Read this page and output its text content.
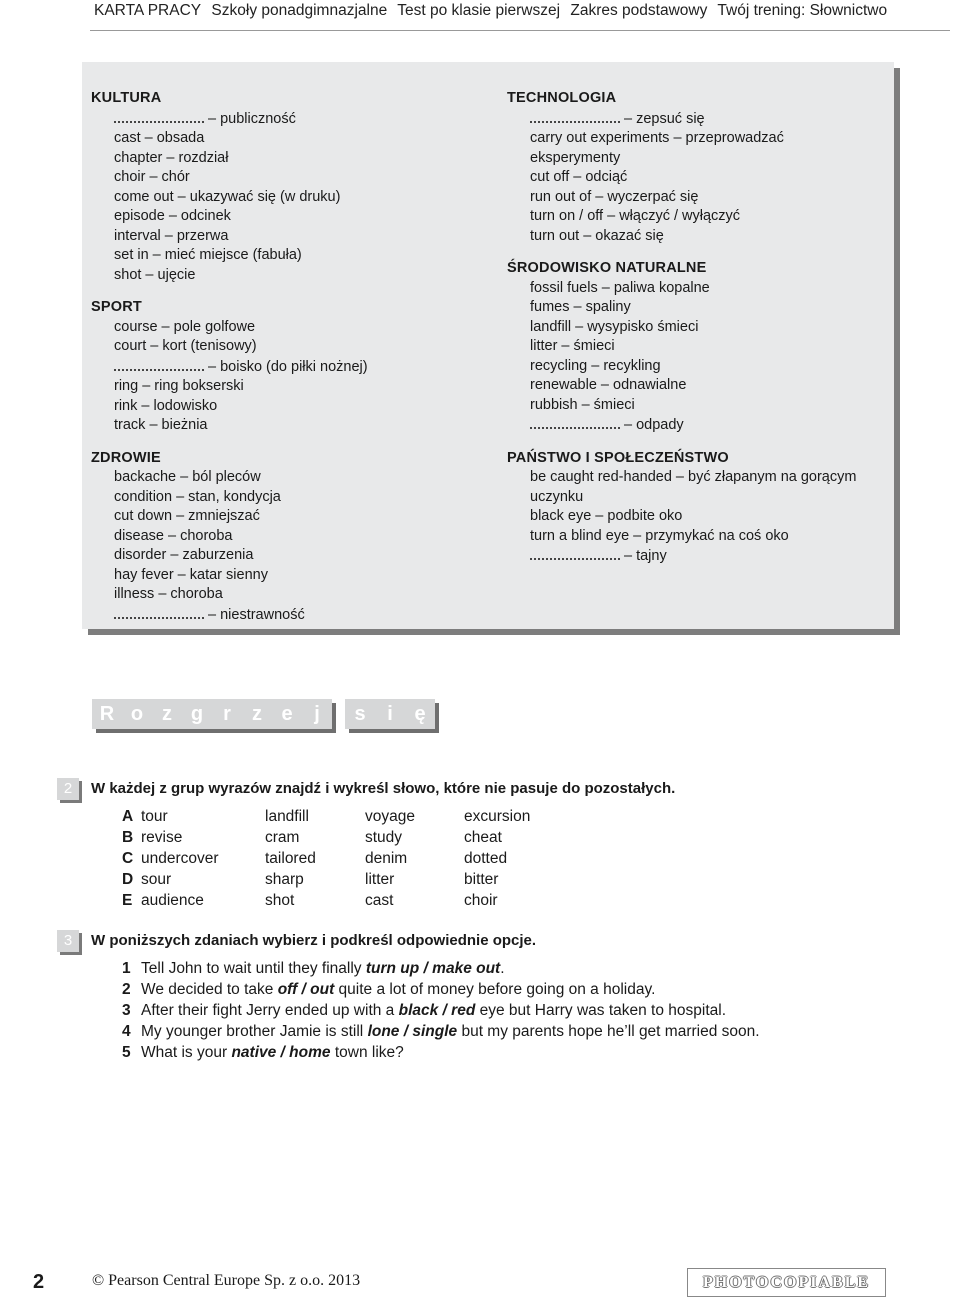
KARTA PRACY Szkoły ponadgimnazjalne Test po klasie pierwszej Zakres podstawowy Twój trening: Słownictwo
KULTURA
– publiczność
cast – obsada
chapter – rozdział
choir – chór
come out – ukazywać się (w druku)
episode – odcinek
interval – przerwa
set in – mieć miejsce (fabuła)
shot – ujęcie
SPORT
course – pole golfowe
court – kort (tenisowy)
– boisko (do piłki nożnej)
ring – ring bokserski
rink – lodowisko
track – bieżnia
ZDROWIE
backache – ból pleców
condition – stan, kondycja
cut down – zmniejszać
disease – choroba
disorder – zaburzenia
hay fever – katar sienny
illness – choroba
– niestrawność
TECHNOLOGIA
– zepsuć się
carry out experiments – przeprowadzać eksperymenty
cut off – odciąć
run out of – wyczerpać się
turn on / off – włączyć / wyłączyć
turn out – okazać się
ŚRODOWISKO NATURALNE
fossil fuels – paliwa kopalne
fumes – spaliny
landfill – wysypisko śmieci
litter – śmieci
recycling – recykling
renewable – odnawialne
rubbish – śmieci
– odpady
PAŃSTWO I SPOŁECZEŃSTWO
be caught red-handed – być złapanym na gorącym uczynku
black eye – podbite oko
turn a blind eye – przymykać na coś oko
– tajny
R o z g r	z e	j	s	i	ę
2	W każdej z grup wyrazów znajdź i wykreśl słowo, które nie pasuje do pozostałych.
A tour	landfill	voyage	excursion
B revise	cram	study	cheat
C undercover	tailored	denim	dotted
D sour	sharp	litter	bitter
E audience	shot	cast	choir
3	W poniższych zdaniach wybierz i podkreśl odpowiednie opcje.
1 Tell John to wait until they finally turn up / make out.
2 We decided to take off / out quite a lot of money before going on a holiday.
3 After their fight Jerry ended up with a black / red eye but Harry was taken to hospital.
4 My younger brother Jamie is still lone / single but my parents hope he’ll get married soon.
5 What is your native / home town like?
2	© Pearson Central Europe Sp. z o.o. 2013	PHOTOCOPIABLE
